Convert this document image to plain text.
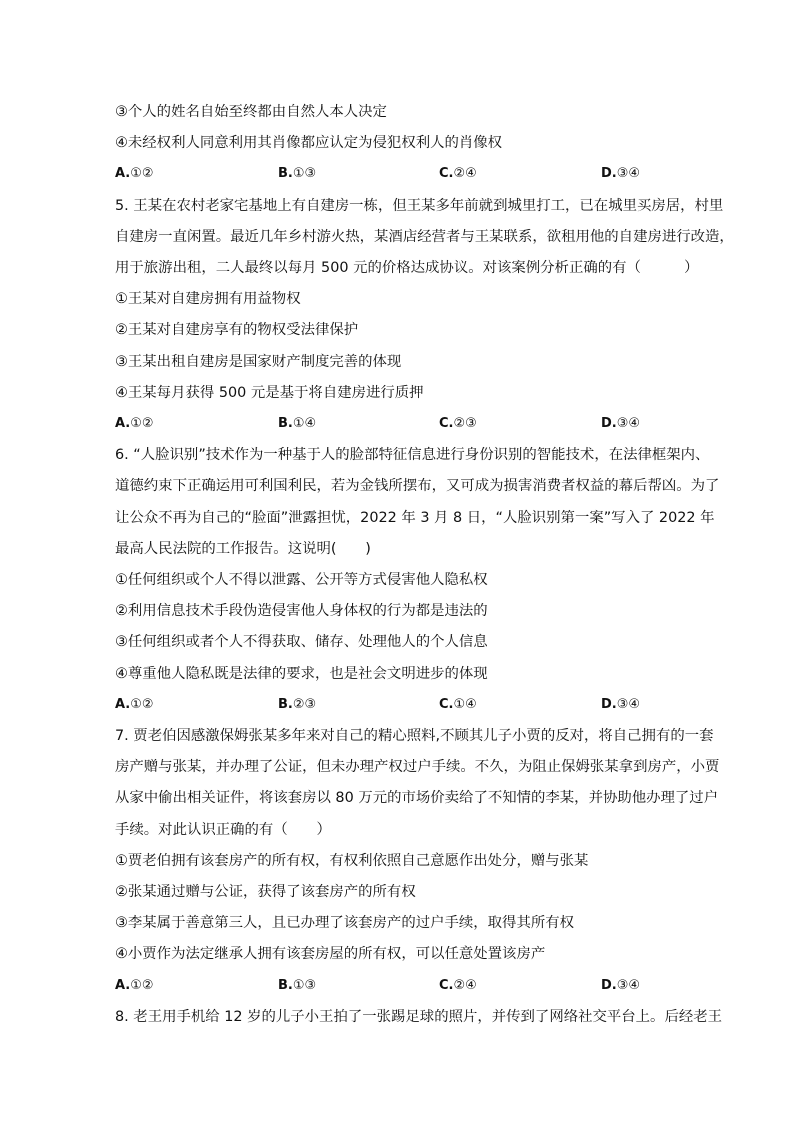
③个人的姓名自始至终都由自然人本人决定
④未经权利人同意利用其肖像都应认定为侵犯权利人的肖像权
A.①②	B.①③	C.②④	D.③④
5. 王某在农村老家宅基地上有自建房一栋，但王某多年前就到城里打工，已在城里买房居，村里
自建房一直闲置。最近几年乡村游火热，某酒店经营者与王某联系，欲租用他的自建房进行改造，
用于旅游出租，二人最终以每月 500 元的价格达成协议。对该案例分析正确的有（　　　）
①王某对自建房拥有用益物权
②王某对自建房享有的物权受法律保护
③王某出租自建房是国家财产制度完善的体现
④王某每月获得 500 元是基于将自建房进行质押
A.①②	B.①④	C.②③	D.③④
6. “人脸识别”技术作为一种基于人的脸部特征信息进行身份识别的智能技术，在法律框架内、
道德约束下正确运用可利国利民，若为金钱所摆布，又可成为损害消费者权益的幕后帮凶。为了
让公众不再为自己的“脸面”泄露担忧，2022 年 3 月 8 日，“人脸识别第一案”写入了 2022 年
最高人民法院的工作报告。这说明(　　)
①任何组织或个人不得以泄露、公开等方式侵害他人隐私权
②利用信息技术手段伪造侵害他人身体权的行为都是违法的
③任何组织或者个人不得获取、储存、处理他人的个人信息
④尊重他人隐私既是法律的要求，也是社会文明进步的体现
A.①②	B.②③	C.①④	D.③④
7. 贾老伯因感激保姆张某多年来对自己的精心照料,不顾其儿子小贾的反对，将自己拥有的一套
房产赠与张某，并办理了公证，但未办理产权过户手续。不久，为阻止保姆张某拿到房产，小贾
从家中偷出相关证件，将该套房以 80 万元的市场价卖给了不知情的李某，并协助他办理了过户
手续。对此认识正确的有（　　）
①贾老伯拥有该套房产的所有权，有权利依照自己意愿作出处分，赠与张某
②张某通过赠与公证，获得了该套房产的所有权
③李某属于善意第三人，且已办理了该套房产的过户手续，取得其所有权
④小贾作为法定继承人拥有该套房屋的所有权，可以任意处置该房产
A.①②	B.①③	C.②④	D.③④
8. 老王用手机给 12 岁的儿子小王拍了一张踢足球的照片，并传到了网络社交平台上。后经老王
